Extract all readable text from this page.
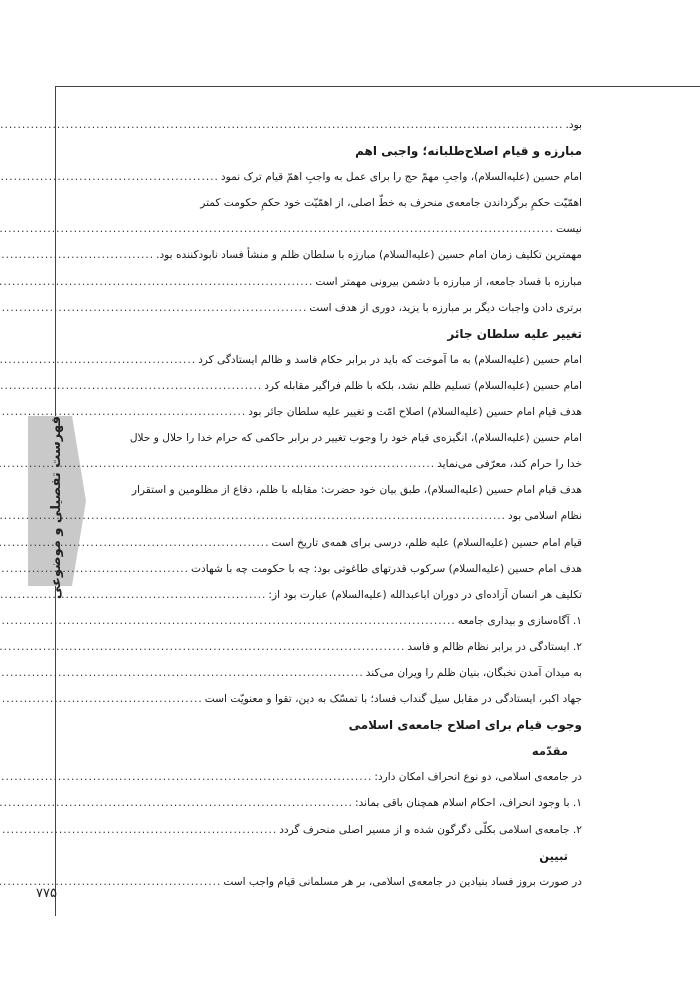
فهرست تفصیلی و موضوعی
۷۷۵
بود.
.....
مبارزه و قیام اصلاح‌طلبانه؛ واجبی اهم
امام حسین (علیه‌السلام)، واجبِ مهمّ حج را برای عمل به واجبِ اهمّ قیام ترک نمود
.....
اهمّیّت حکمِ برگرداندن جامعه‌ی منحرف به خطّ اصلی، از اهمّیّت خود حکمِ حکومت کمتر
نیست
.....
مهمترین تکلیف زمان امام حسین (علیه‌السلام) مبارزه با سلطان ظلم و منشأ فساد نابودکننده بود.
.....
مبارزه با فساد جامعه، از مبارزه با دشمن بیرونی مهمتر است
.....
برتری دادن واجبات دیگر بر مبارزه با یزید، دوری از هدف است
.....
تغییر علیه سلطان جائر
امام حسین (علیه‌السلام) به ما آموخت که باید در برابر حکام فاسد و ظالم ایستادگی کرد
.....
امام حسین (علیه‌السلام) تسلیم ظلم نشد، بلکه با ظلم فراگیر مقابله کرد
.....
هدف قیام امام حسین (علیه‌السلام) اصلاح امّت و تغییر علیه سلطان جائر بود
.....
امام حسین (علیه‌السلام)، انگیزه‌ی قیام خود را وجوب تغییر در برابر حاکمی که حرام خدا را حلال و حلال
خدا را حرام کند، معرّفی می‌نماید
.....
هدف قیام امام حسین (علیه‌السلام)، طبق بیان خود حضرت: مقابله با ظلم، دفاع از مظلومین و استقرار
نظام اسلامی بود
.....
قیام امام حسین (علیه‌السلام) علیه ظلم، درسی برای همه‌ی تاریخ است
.....
هدف امام حسین (علیه‌السلام) سرکوب قدرتهای طاغوتی بود: چه با حکومت چه با شهادت
.....
تکلیف هر انسان آزاده‌ای در دوران اباعبدالله (علیه‌السلام) عبارت بود از:
.....
۱. آگاه‌سازی و بیداری جامعه
.....
۲. ایستادگی در برابر نظام ظالم و فاسد
.....
به میدان آمدن نخبگان، بنیان ظلم را ویران می‌کند
.....
جهاد اکبر، ایستادگی در مقابل سیل گنداب فساد؛ با تمسّک به دین، تقوا و معنویّت است
.....
وجوب قیام برای اصلاح جامعه‌ی اسلامی
مقدّمه
در جامعه‌ی اسلامی، دو نوع انحراف امکان دارد:
.....
۱. با وجود انحراف، احکام اسلام همچنان باقی بماند:
.....
۲. جامعه‌ی اسلامی بکلّی دگرگون شده و از مسیر اصلی منحرف گردد
.....
تبیین
در صورت بروز فساد بنیادین در جامعه‌ی اسلامی، بر هر مسلمانی قیام واجب است
.....
